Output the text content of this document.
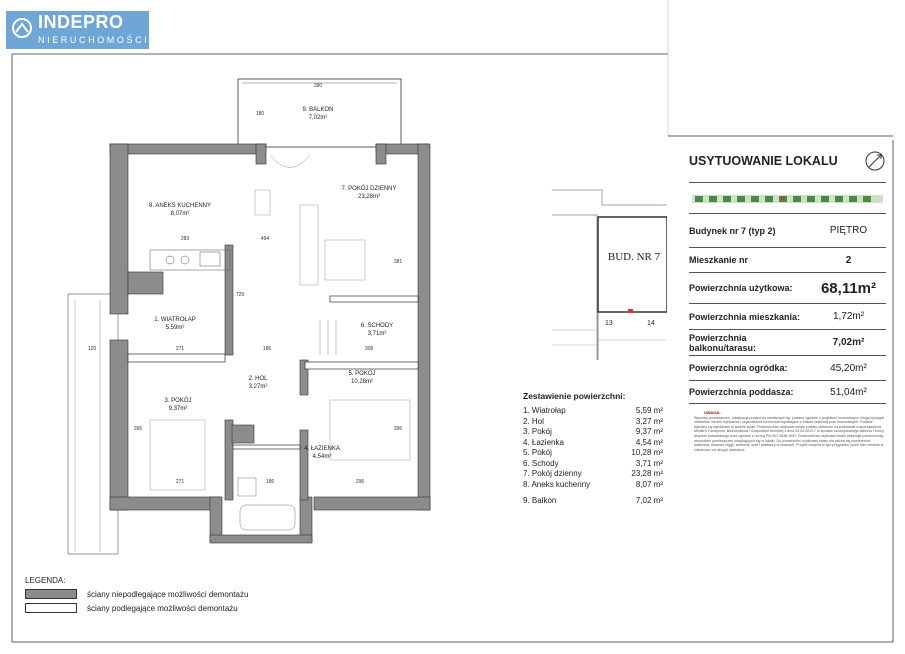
9. BALKON
7,02m²
8. ANEKS KUCHENNY
8,07m²
7. POKÓJ DZIENNY
23,28m²
1. WIATROŁAP
5,59m²	6. SCHODY
3,71m²
2. HOL
3,27m²
5. POKÓJ
10,28m²
3. POKÓJ
9,37m²
4. ŁAZIENKA
4,54m²
390
180
283	494
271	186	308
271	186	296
120
729
395	395
381
INDEPRO
NIERUCHOMOŚCI
Zestawienie powierzchni:
1. Wiatrołap	5,59 m²
2. Hol	3,27 m²
3. Pokój	9,37 m²
4. Łazienka	4,54 m²
5. Pokój	10,28 m²
6. Schody	3,71 m²
7. Pokój dzienny	23,28 m²
8. Aneks kuchenny	8,07 m²
9. Balkon	7,02 m²
BUD. NR 7
13	14
USYTUOWANIE LOKALU
Budynek nr 7 (typ 2)	PIĘTRO
Mieszkanie nr	2
Powierzchnia użytkowa:	68,11m²
Powierzchnia mieszkania:	1,72m²
Powierzchnia balkonu/tarasu:	7,02m²
Powierzchnia ogródka:	45,20m²
Powierzchnia poddasza:	51,04m²
UWAGA:
Wymiary pomieszczeń, lokalizacja przyborów sanitarnych itp. podane zgodnie z projektem budowlanym. Mogą wystąpić niewielkie różnice wymiarów i usytuowania elementów wynikające z trakcie realizacji prac budowlanych. Podane wymiary są wymiarami w świetle ścian. Powierzchnie użytkowe lokalu zostały obliczone na podstawie rozporządzenia Ministra Transportu, Budownictwa i Gospodarki Morskiej z dnia 25.04.2012 r. w sprawie szczegółowego zakresu i formy projektu budowlanego oraz zgodnie z normą PN-ISO 9836:1997. Powierzchnia użytkowa lokalu obejmuje powierzchnię wszystkich pomieszczeń znajdujących się w lokalu. Do powierzchni użytkowej lokalu nie wlicza się powierzchni balkonów, tarasów, loggii, antresoli, szaf i pawlaczy w ścianach. Projekt wnętrza w tym przypadku może ulec zmianie w zależności od decyzji Inwestora.
LEGENDA:
ściany niepodlegające możliwości demontażu
ściany podlegające możliwości demontażu
